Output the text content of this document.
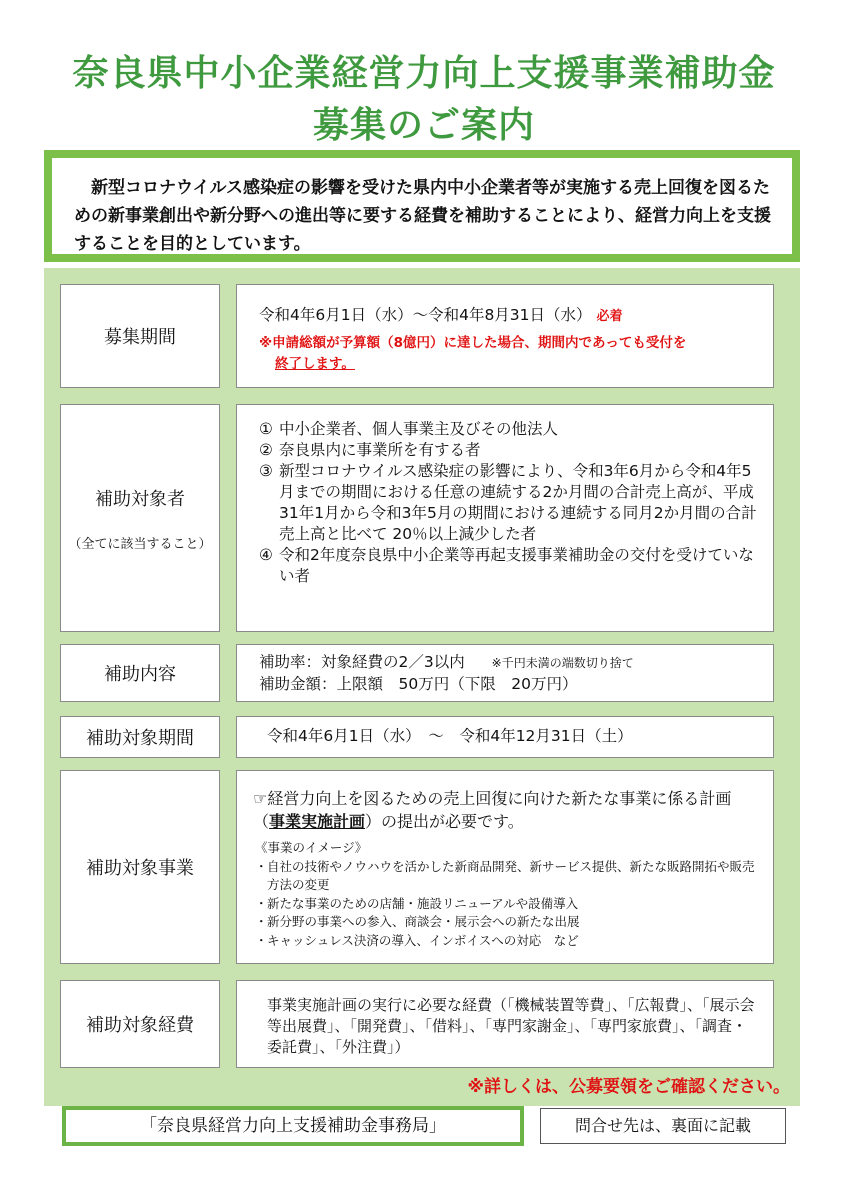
奈良県中小企業経営力向上支援事業補助金
募集のご案内
　新型コロナウイルス感染症の影響を受けた県内中小企業者等が実施する売上回復を図るための新事業創出や新分野への進出等に要する経費を補助することにより、経営力向上を支援することを目的としています。
募集期間
令和4年6月1日（水）～令和4年8月31日（水） 必着
※申請総額が予算額（8億円）に達した場合、期間内であっても受付を
終了します。
補助対象者
（全てに該当すること）
① 中小企業者、個人事業主及びその他法人
② 奈良県内に事業所を有する者
③ 新型コロナウイルス感染症の影響により、令和3年6月から令和4年5月までの期間における任意の連続する2か月間の合計売上高が、平成31年1月から令和3年5月の期間における連続する同月2か月間の合計売上高と比べて 20％以上減少した者
④ 令和2年度奈良県中小企業等再起支援事業補助金の交付を受けていない者
補助内容
補助率：対象経費の2／3以内 ※千円未満の端数切り捨て
補助金額：上限額　50万円（下限　20万円）
補助対象期間	令和4年6月1日（水）　～　令和4年12月31日（土）
補助対象事業
☞経営力向上を図るための売上回復に向けた新たな事業に係る計画（事業実施計画）の提出が必要です。
《事業のイメージ》
・ 自社の技術やノウハウを活かした新商品開発、新サービス提供、新たな販路開拓や販売方法の変更
・ 新たな事業のための店舗・施設リニューアルや設備導入
・ 新分野の事業への参入、商談会・展示会への新たな出展
・ キャッシュレス決済の導入、インボイスへの対応　など
補助対象経費
事業実施計画の実行に必要な経費（「機械装置等費」、「広報費」、「展示会等出展費」、「開発費」、「借料」、「専門家謝金」、「専門家旅費」、「調査・委託費」、「外注費」）
※詳しくは、公募要領をご確認ください。
「奈良県経営力向上支援補助金事務局」	問合せ先は、裏面に記載
